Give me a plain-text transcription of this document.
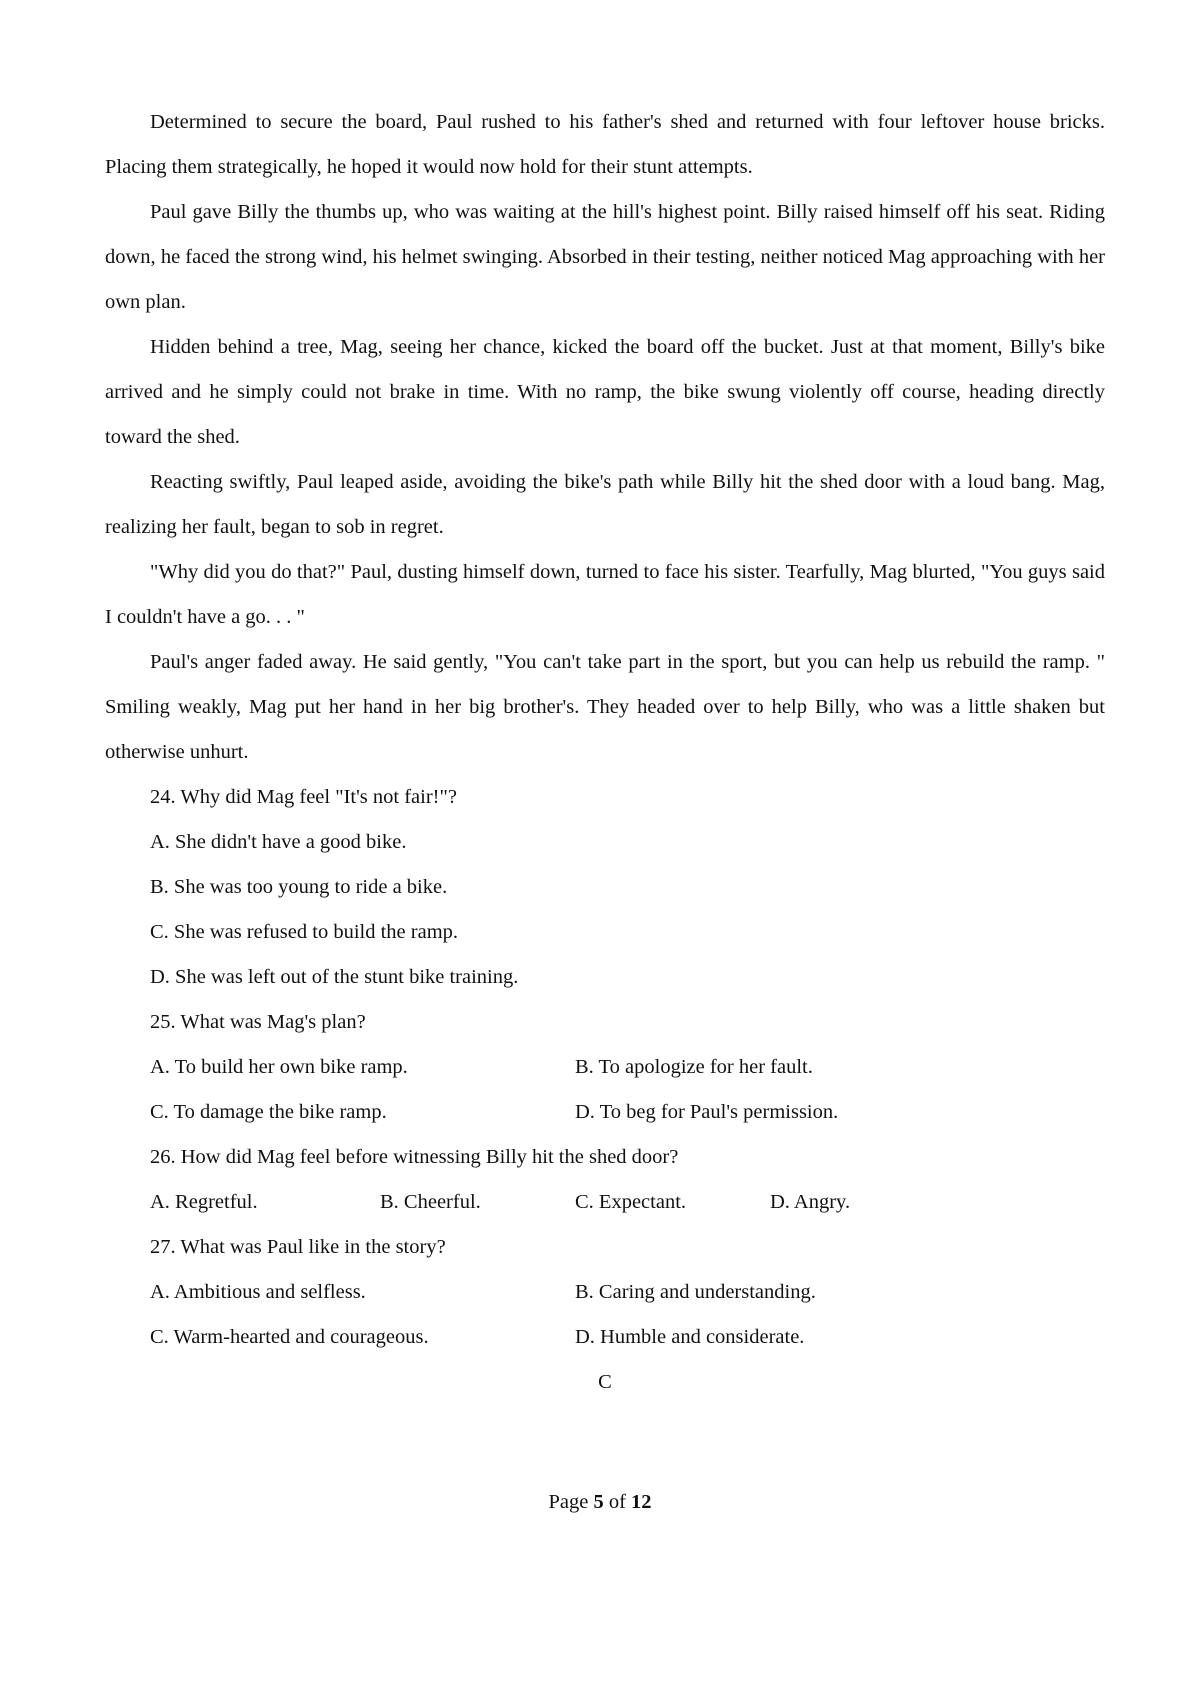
Determined to secure the board, Paul rushed to his father's shed and returned with four leftover house bricks. Placing them strategically, he hoped it would now hold for their stunt attempts.

Paul gave Billy the thumbs up, who was waiting at the hill's highest point. Billy raised himself off his seat. Riding down, he faced the strong wind, his helmet swinging. Absorbed in their testing, neither noticed Mag approaching with her own plan.

Hidden behind a tree, Mag, seeing her chance, kicked the board off the bucket. Just at that moment, Billy's bike arrived and he simply could not brake in time. With no ramp, the bike swung violently off course, heading directly toward the shed.

Reacting swiftly, Paul leaped aside, avoiding the bike's path while Billy hit the shed door with a loud bang. Mag, realizing her fault, began to sob in regret.

"Why did you do that?" Paul, dusting himself down, turned to face his sister. Tearfully, Mag blurted, "You guys said I couldn't have a go. . . "

Paul's anger faded away. He said gently, "You can't take part in the sport, but you can help us rebuild the ramp. " Smiling weakly, Mag put her hand in her big brother's. They headed over to help Billy, who was a little shaken but otherwise unhurt.

24. Why did Mag feel "It's not fair!"?

A. She didn't have a good bike.
B. She was too young to ride a bike.
C. She was refused to build the ramp.
D. She was left out of the stunt bike training.

25. What was Mag's plan?

A. To build her own bike ramp.	B. To apologize for her fault.
C. To damage the bike ramp.	D. To beg for Paul's permission.

26. How did Mag feel before witnessing Billy hit the shed door?

A. Regretful.	B. Cheerful.	C. Expectant.	D. Angry.

27. What was Paul like in the story?

A. Ambitious and selfless.	B. Caring and understanding.
C. Warm-hearted and courageous.	D. Humble and considerate.
C
Page 5 of 12
